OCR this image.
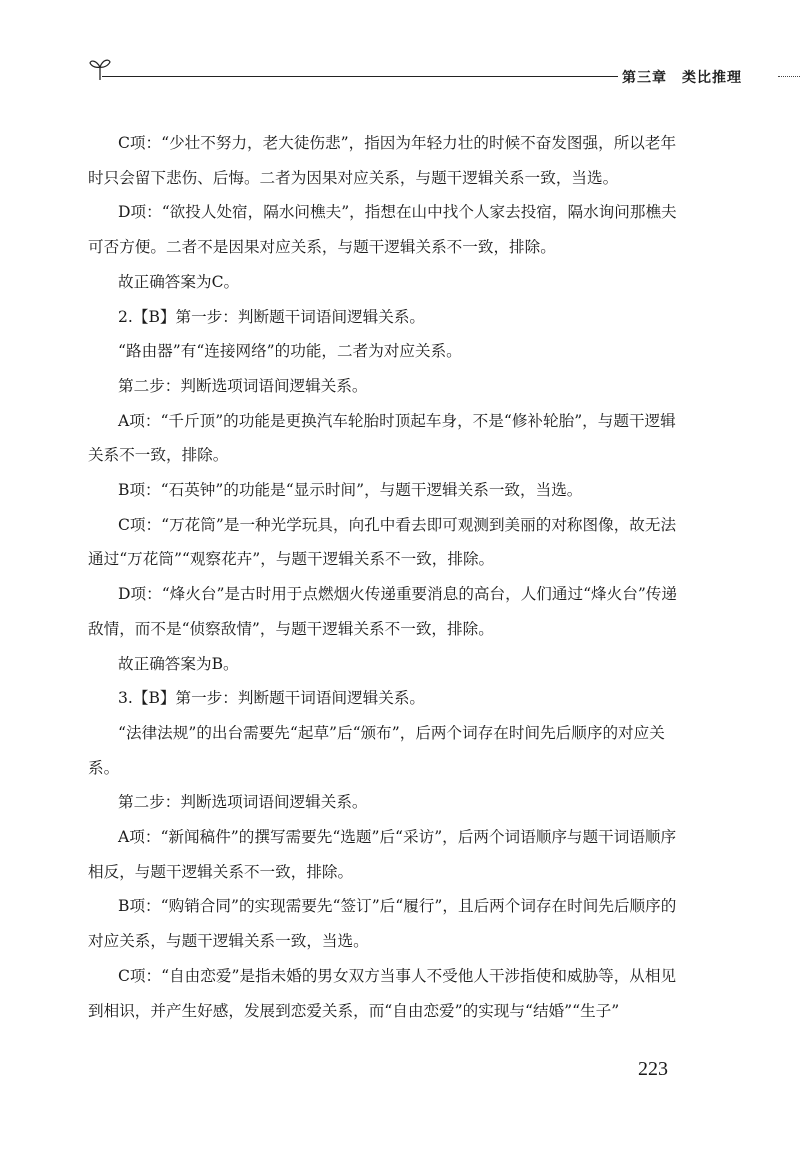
第三章　类比推理

C项：“少壮不努力，老大徒伤悲”，指因为年轻力壮的时候不奋发图强，所以老年时只会留下悲伤、后悔。二者为因果对应关系，与题干逻辑关系一致，当选。

D项：“欲投人处宿，隔水问樵夫”，指想在山中找个人家去投宿，隔水询问那樵夫可否方便。二者不是因果对应关系，与题干逻辑关系不一致，排除。

故正确答案为C。

2.【B】第一步：判断题干词语间逻辑关系。

“路由器”有“连接网络”的功能，二者为对应关系。

第二步：判断选项词语间逻辑关系。

A项：“千斤顶”的功能是更换汽车轮胎时顶起车身，不是“修补轮胎”，与题干逻辑关系不一致，排除。

B项：“石英钟”的功能是“显示时间”，与题干逻辑关系一致，当选。

C项：“万花筒”是一种光学玩具，向孔中看去即可观测到美丽的对称图像，故无法通过“万花筒”“观察花卉”，与题干逻辑关系不一致，排除。

D项：“烽火台”是古时用于点燃烟火传递重要消息的高台，人们通过“烽火台”传递敌情，而不是“侦察敌情”，与题干逻辑关系不一致，排除。

故正确答案为B。

3.【B】第一步：判断题干词语间逻辑关系。

“法律法规”的出台需要先“起草”后“颁布”，后两个词存在时间先后顺序的对应关系。

第二步：判断选项词语间逻辑关系。

A项：“新闻稿件”的撰写需要先“选题”后“采访”，后两个词语顺序与题干词语顺序相反，与题干逻辑关系不一致，排除。

B项：“购销合同”的实现需要先“签订”后“履行”，且后两个词存在时间先后顺序的对应关系，与题干逻辑关系一致，当选。

C项：“自由恋爱”是指未婚的男女双方当事人不受他人干涉指使和威胁等，从相见到相识，并产生好感，发展到恋爱关系，而“自由恋爱”的实现与“结婚”“生子”

223
